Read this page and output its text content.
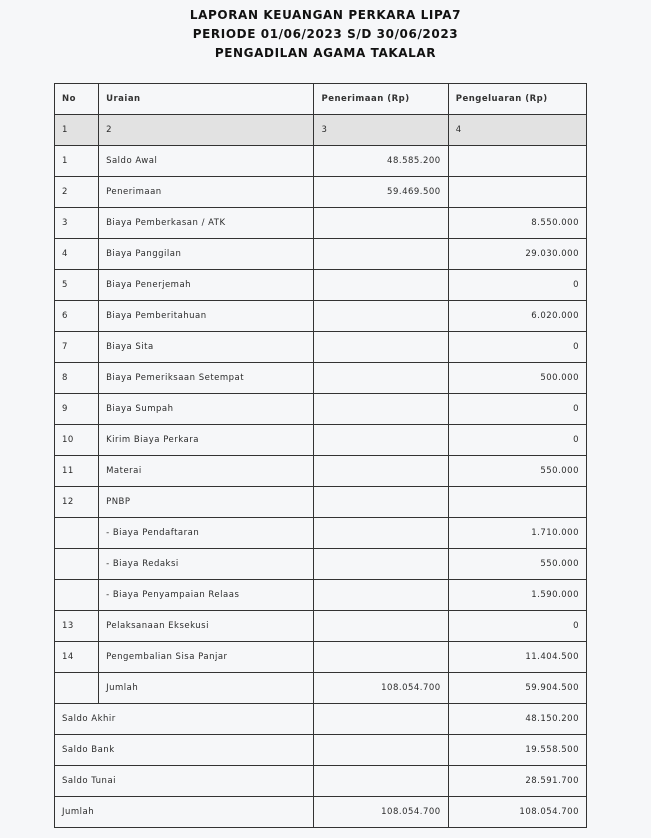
LAPORAN KEUANGAN PERKARA LIPA7
PERIODE 01/06/2023 S/D 30/06/2023
PENGADILAN AGAMA TAKALAR
No	Uraian	Penerimaan (Rp)	Pengeluaran (Rp)
1	2	3	4
1	Saldo Awal	48.585.200	
2	Penerimaan	59.469.500	
3	Biaya Pemberkasan / ATK		8.550.000
4	Biaya Panggilan		29.030.000
5	Biaya Penerjemah		0
6	Biaya Pemberitahuan		6.020.000
7	Biaya Sita		0
8	Biaya Pemeriksaan Setempat		500.000
9	Biaya Sumpah		0
10	Kirim Biaya Perkara		0
11	Materai		550.000
12	PNBP		
	- Biaya Pendaftaran		1.710.000
	- Biaya Redaksi		550.000
	- Biaya Penyampaian Relaas		1.590.000
13	Pelaksanaan Eksekusi		0
14	Pengembalian Sisa Panjar		11.404.500
	Jumlah	108.054.700	59.904.500
Saldo Akhir			48.150.200
Saldo Bank			19.558.500
Saldo Tunai			28.591.700
Jumlah		108.054.700	108.054.700
